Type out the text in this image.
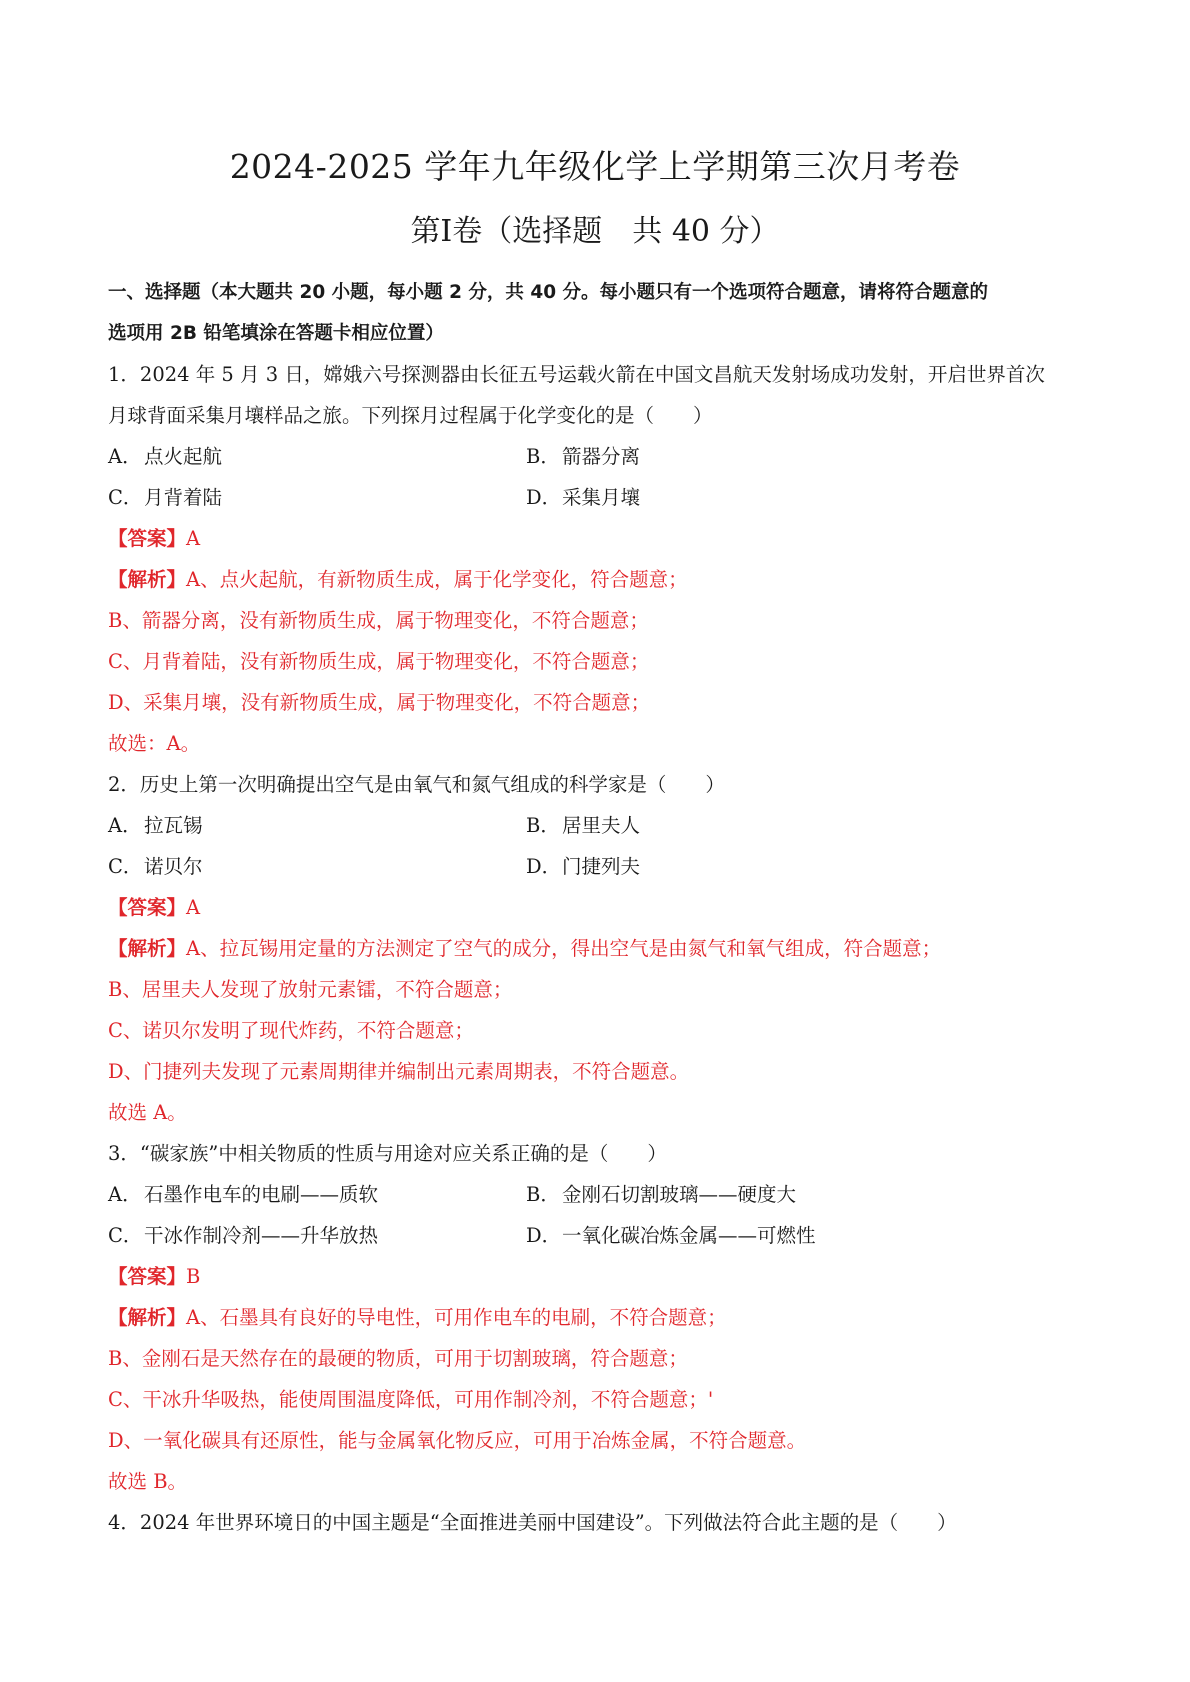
2024-2025 学年九年级化学上学期第三次月考卷
第I卷（选择题　共 40 分）
一、选择题（本大题共 20 小题，每小题 2 分，共 40 分。每小题只有一个选项符合题意，请将符合题意的
选项用 2B 铅笔填涂在答题卡相应位置）
1．2024 年 5 月 3 日，嫦娥六号探测器由长征五号运载火箭在中国文昌航天发射场成功发射，开启世界首次
月球背面采集月壤样品之旅。下列探月过程属于化学变化的是（　　）
A． 点火起航	B． 箭器分离
C．月背着陆	D．采集月壤
【答案】A
【解析】A、点火起航，有新物质生成，属于化学变化，符合题意；
B、箭器分离，没有新物质生成，属于物理变化，不符合题意；
C、月背着陆，没有新物质生成，属于物理变化，不符合题意；
D、采集月壤，没有新物质生成，属于物理变化，不符合题意；
故选：A。
2．历史上第一次明确提出空气是由氧气和氮气组成的科学家是（　　）
A． 拉瓦锡	B． 居里夫人
C．诺贝尔	D．门捷列夫
【答案】A
【解析】A、拉瓦锡用定量的方法测定了空气的成分，得出空气是由氮气和氧气组成，符合题意；
B、居里夫人发现了放射元素镭，不符合题意；
C、诺贝尔发明了现代炸药，不符合题意；
D、门捷列夫发现了元素周期律并编制出元素周期表，不符合题意。
故选 A。
3．“碳家族”中相关物质的性质与用途对应关系正确的是（　　）
A． 石墨作电车的电刷——质软	B． 金刚石切割玻璃——硬度大
C．干冰作制冷剂——升华放热	D．一氧化碳冶炼金属——可燃性
【答案】B
【解析】A、石墨具有良好的导电性，可用作电车的电刷，不符合题意；
B、金刚石是天然存在的最硬的物质，可用于切割玻璃，符合题意；
C、干冰升华吸热，能使周围温度降低，可用作制冷剂，不符合题意；'
D、一氧化碳具有还原性，能与金属氧化物反应，可用于冶炼金属，不符合题意。
故选 B。
4．2024 年世界环境日的中国主题是“全面推进美丽中国建设”。下列做法符合此主题的是（　　）
